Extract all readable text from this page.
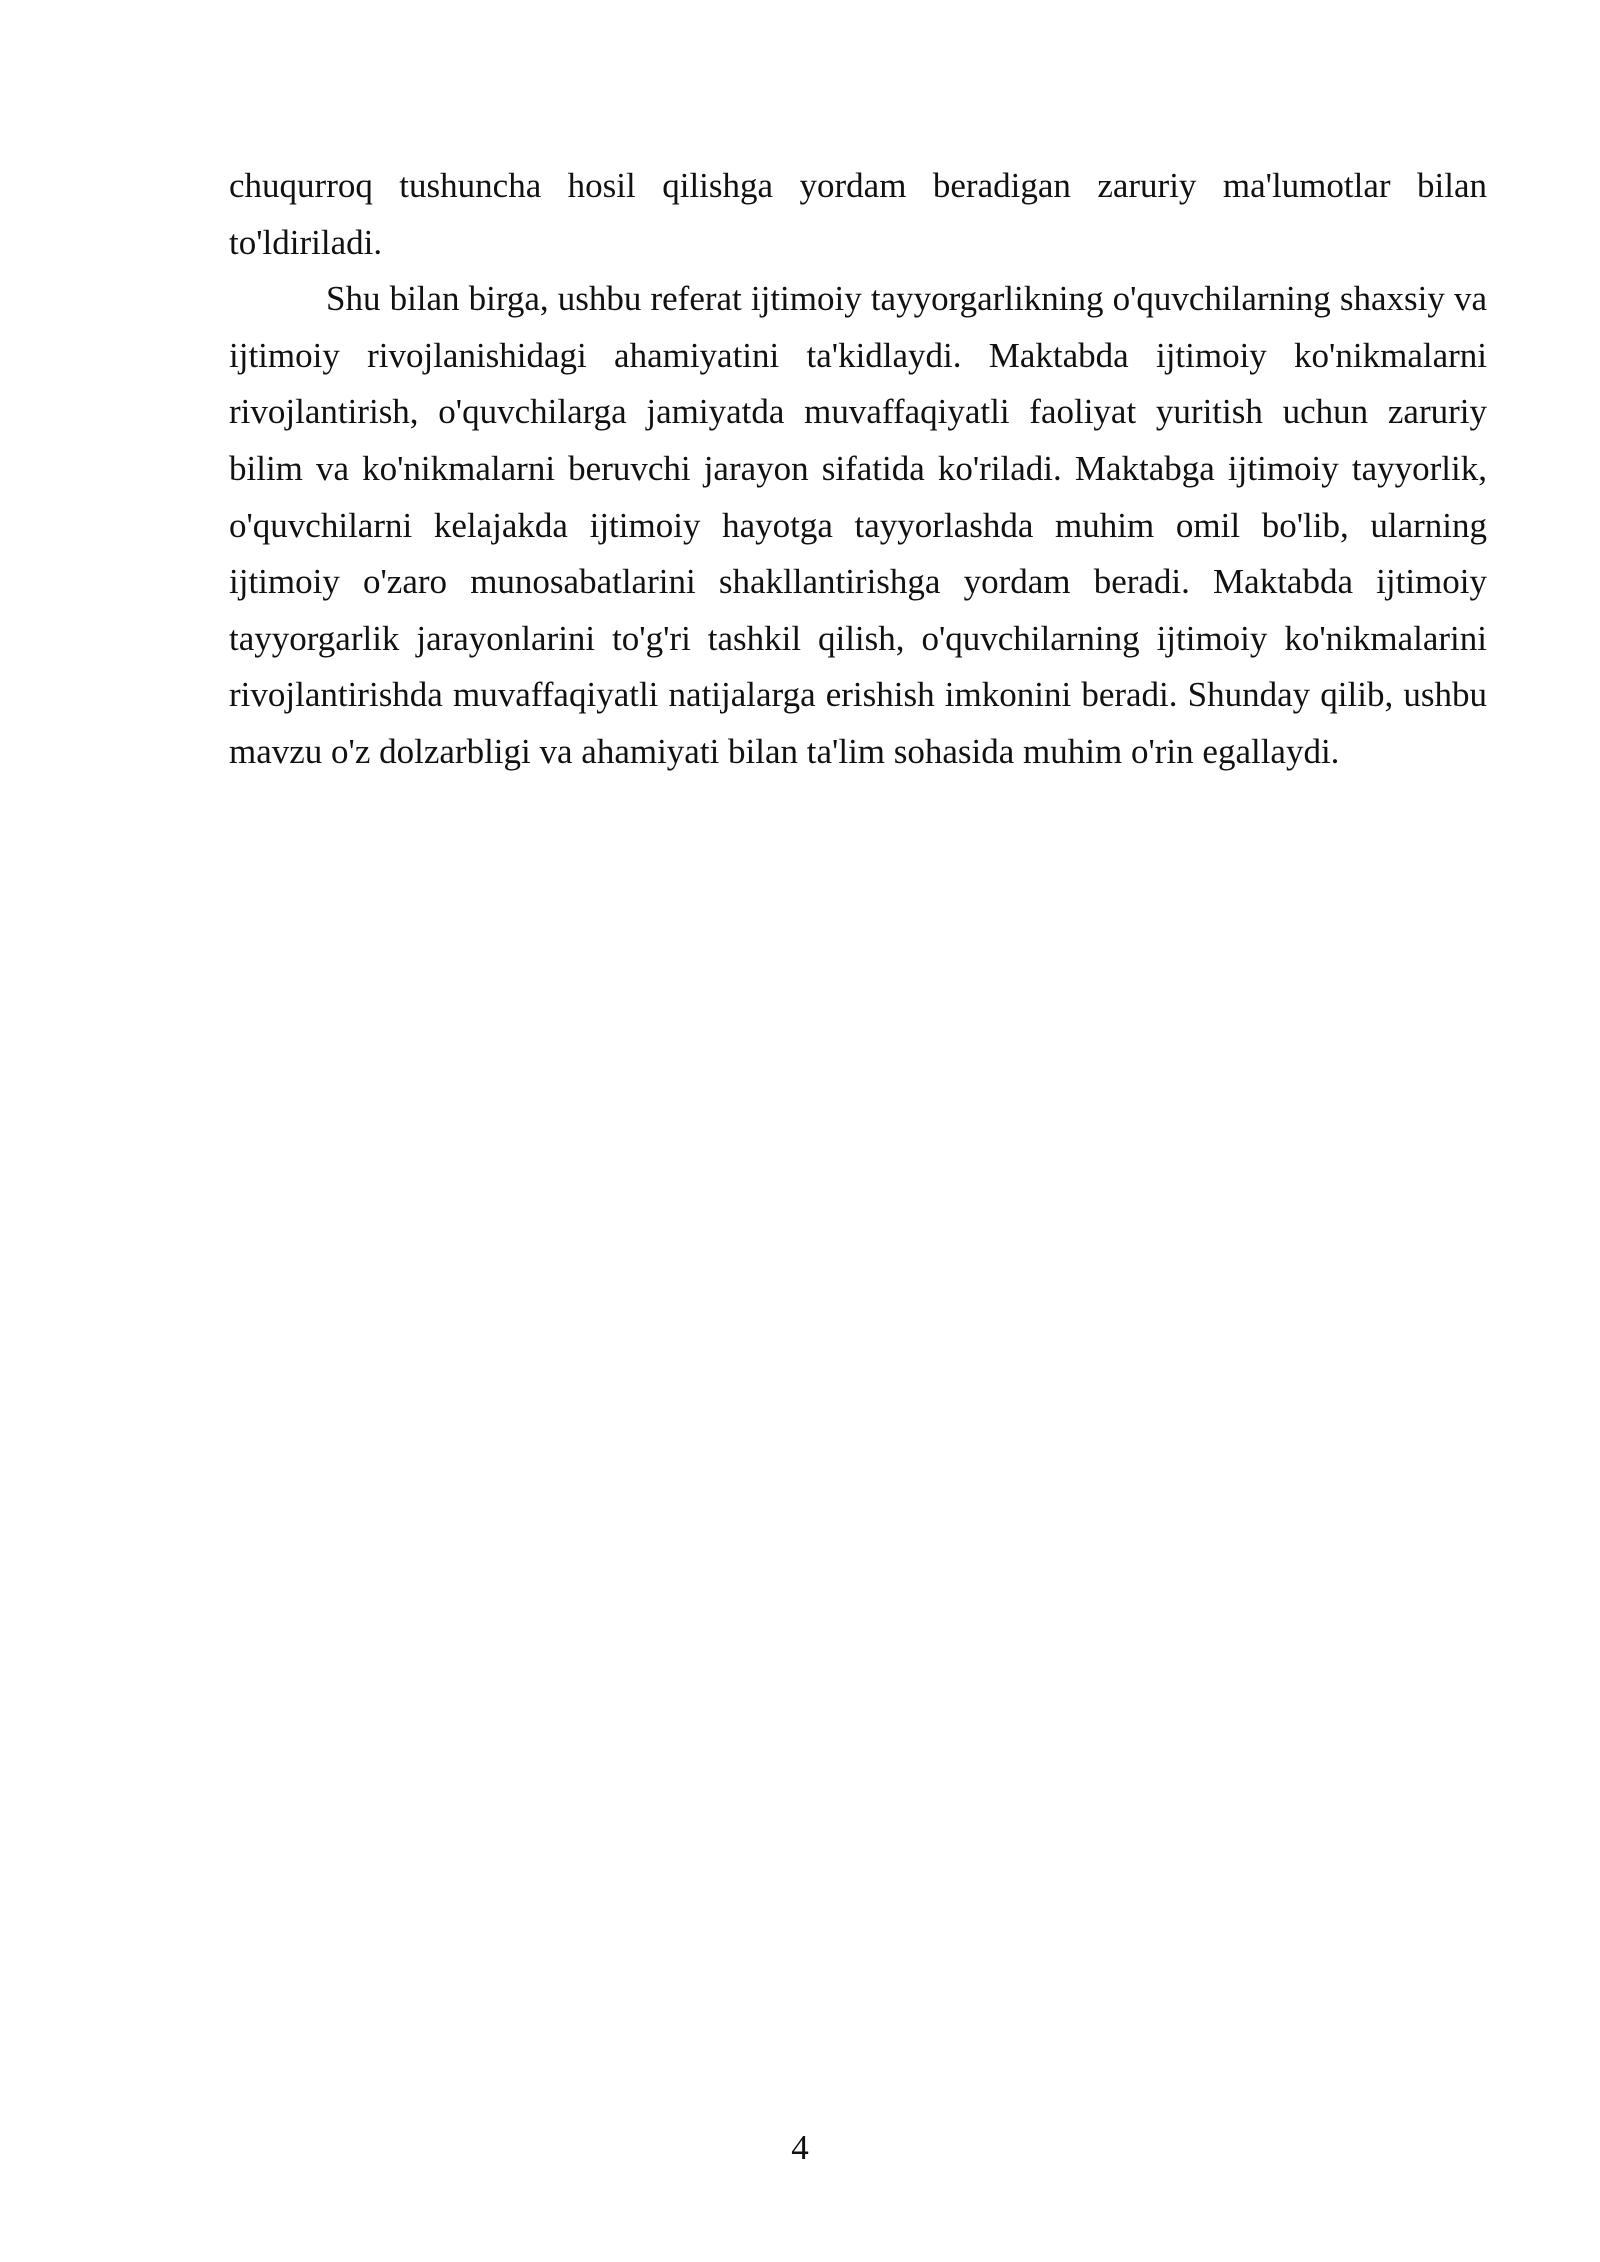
chuqurroq tushuncha hosil qilishga yordam beradigan zaruriy ma'lumotlar bilan to'ldiriladi.

Shu bilan birga, ushbu referat ijtimoiy tayyorgarlikning o'quvchilarning shaxsiy va ijtimoiy rivojlanishidagi ahamiyatini ta'kidlaydi. Maktabda ijtimoiy ko'nikmalarni rivojlantirish, o'quvchilarga jamiyatda muvaffaqiyatli faoliyat yuritish uchun zaruriy bilim va ko'nikmalarni beruvchi jarayon sifatida ko'riladi. Maktabga ijtimoiy tayyorlik, o'quvchilarni kelajakda ijtimoiy hayotga tayyorlashda muhim omil bo'lib, ularning ijtimoiy o'zaro munosabatlarini shakllantirishga yordam beradi. Maktabda ijtimoiy tayyorgarlik jarayonlarini to'g'ri tashkil qilish, o'quvchilarning ijtimoiy ko'nikmalarini rivojlantirishda muvaffaqiyatli natijalarga erishish imkonini beradi. Shunday qilib, ushbu mavzu o'z dolzarbligi va ahamiyati bilan ta'lim sohasida muhim o'rin egallaydi.

4
